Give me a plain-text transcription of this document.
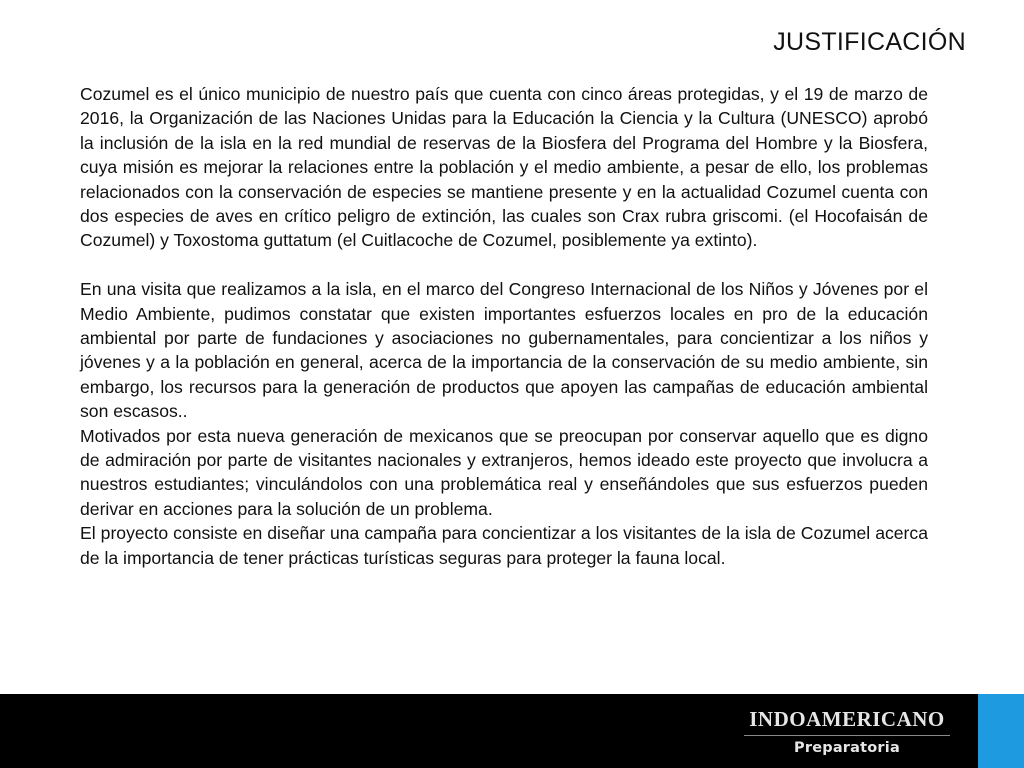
JUSTIFICACIÓN

Cozumel es el único municipio de nuestro país que cuenta con cinco áreas protegidas, y el 19 de marzo de 2016, la Organización de las Naciones Unidas para la Educación la Ciencia y la Cultura (UNESCO) aprobó la inclusión de la isla en la red mundial de reservas de la Biosfera del Programa del Hombre y la Biosfera, cuya misión es mejorar la relaciones entre la población y el medio ambiente, a pesar de ello, los problemas relacionados con la conservación de especies se mantiene presente y en la actualidad Cozumel cuenta con dos especies de aves en crítico peligro de extinción, las cuales son Crax rubra griscomi. (el Hocofaisán de Cozumel) y Toxostoma guttatum (el Cuitlacoche de Cozumel, posiblemente ya extinto).

En una visita que realizamos a la isla, en el marco del Congreso Internacional de los Niños y Jóvenes por el Medio Ambiente, pudimos constatar que existen importantes esfuerzos locales en pro de la educación ambiental por parte de fundaciones y asociaciones no gubernamentales, para concientizar a los niños y jóvenes y a la población en general, acerca de la importancia de la conservación de su medio ambiente, sin embargo, los recursos para la generación de productos que apoyen las campañas de educación ambiental son escasos..

Motivados por esta nueva generación de mexicanos que se preocupan por conservar aquello que es digno de admiración por parte de visitantes nacionales y extranjeros, hemos ideado este proyecto que involucra a nuestros estudiantes; vinculándolos con una problemática real y enseñándoles que sus esfuerzos pueden derivar en acciones para la solución de un problema.

El proyecto consiste en diseñar una campaña para concientizar a los visitantes de la isla de Cozumel acerca de la importancia de tener prácticas turísticas seguras para proteger la fauna local.

INDOAMERICANO
Preparatoria
